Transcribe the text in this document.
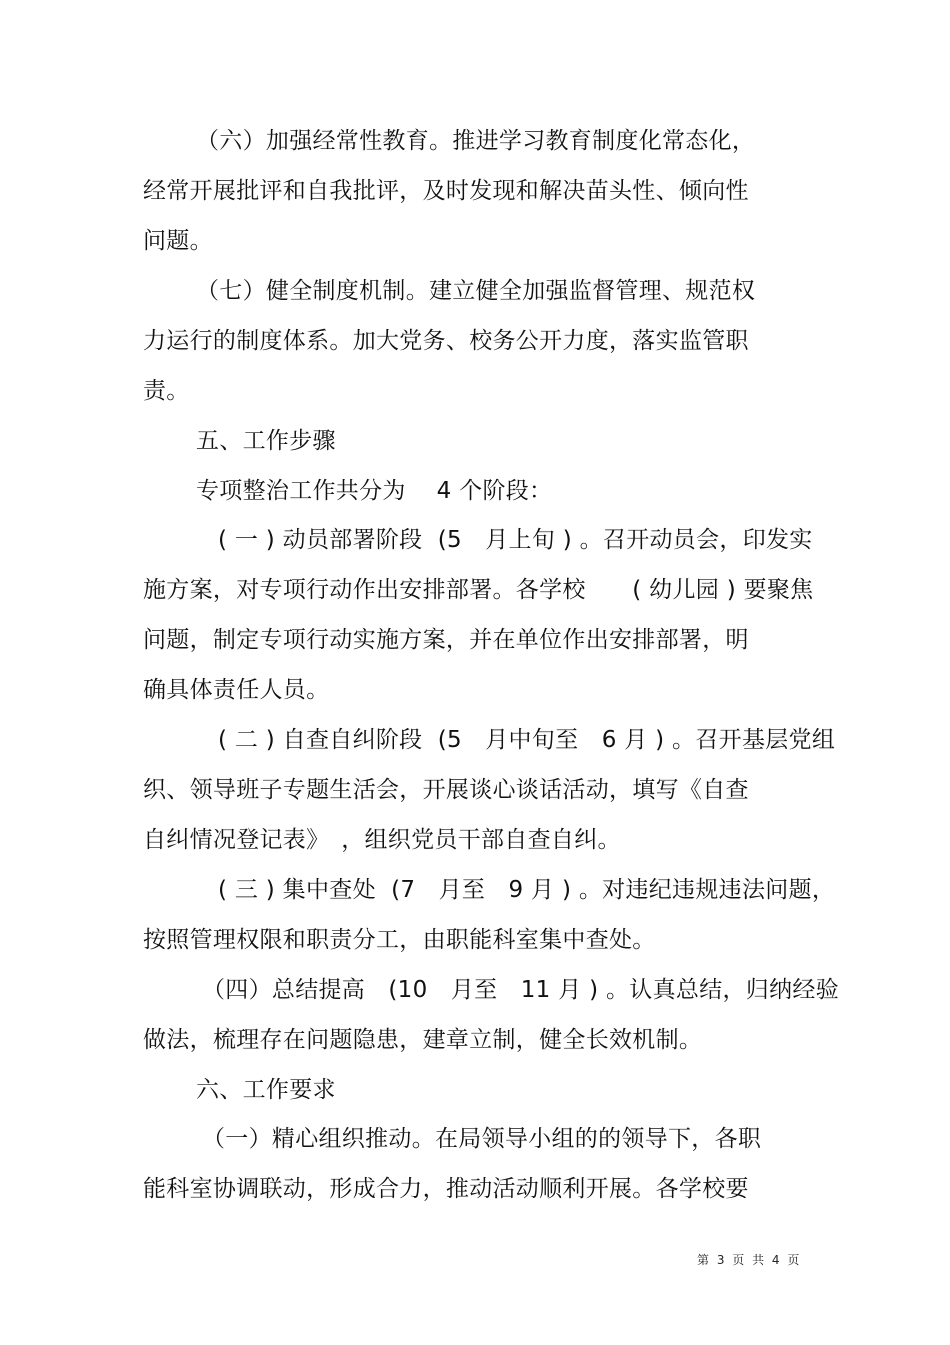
（六）加强经常性教育。推进学习教育制度化常态化，
经常开展批评和自我批评，及时发现和解决苗头性、倾向性
问题。
（七）健全制度机制。建立健全加强监督管理、规范权
力运行的制度体系。加大党务、校务公开力度，落实监管职
责。
五、工作步骤
专项整治工作共分为　 4 个阶段：
( 一 ) 动员部署阶段  (5　月上旬 ) 。召开动员会，印发实
施方案，对专项行动作出安排部署。各学校　　( 幼儿园 ) 要聚焦
问题，制定专项行动实施方案，并在单位作出安排部署，明
确具体责任人员。
( 二 ) 自查自纠阶段  (5　月中旬至　6 月 ) 。召开基层党组
织、领导班子专题生活会，开展谈心谈话活动，填写《自查
自纠情况登记表》　，组织党员干部自查自纠。
( 三 ) 集中查处  (7　月至　9 月 ) 。对违纪违规违法问题，
按照管理权限和职责分工，由职能科室集中查处。
（四）总结提高　(10　月至　11 月 ) 。认真总结，归纳经验
做法，梳理存在问题隐患，建章立制，健全长效机制。
六、工作要求
（一）精心组织推动。在局领导小组的的领导下，各职
能科室协调联动，形成合力，推动活动顺利开展。各学校要
第 3 页 共 4 页
